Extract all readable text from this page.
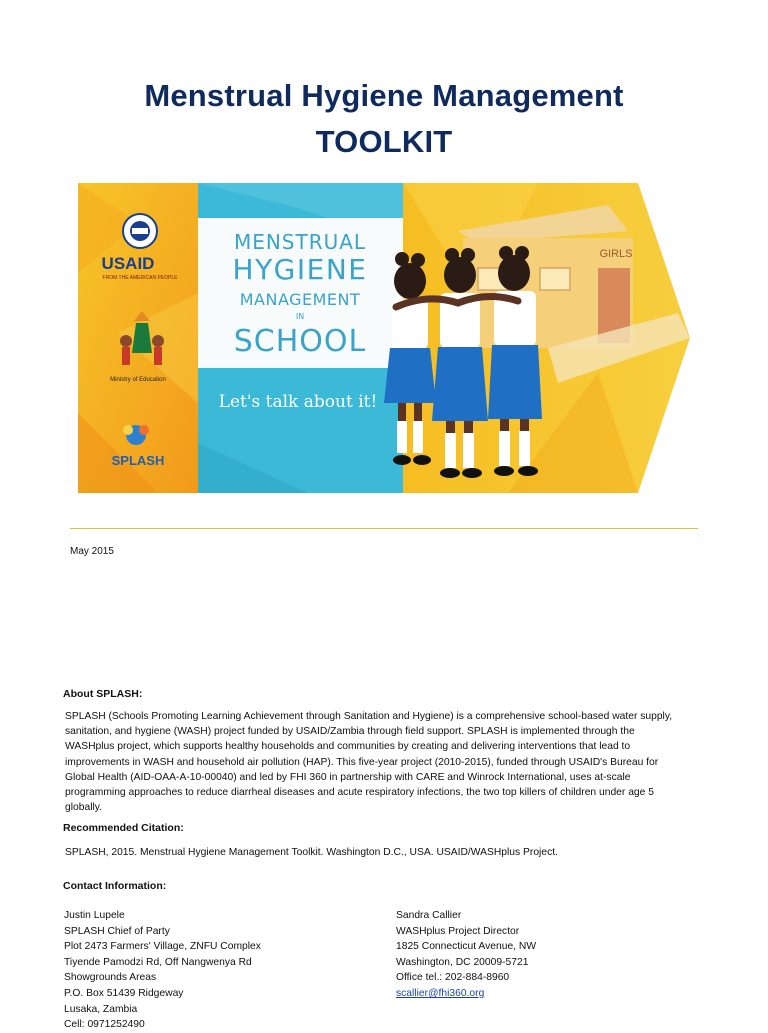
Menstrual Hygiene Management
TOOLKIT
GIRLS
USAID
FROM THE AMERICAN PEOPLE
Ministry of Education
SPLASH
MENSTRUAL
HYGIENE
MANAGEMENT
IN
SCHOOL
Let's talk about it!
May 2015
About SPLASH:
SPLASH (Schools Promoting Learning Achievement through Sanitation and Hygiene) is a comprehensive school-based water supply,
sanitation, and hygiene (WASH) project funded by USAID/Zambia through field support. SPLASH is implemented through the
WASHplus project, which supports healthy households and communities by creating and delivering interventions that lead to
improvements in WASH and household air pollution (HAP). This five-year project (2010-2015), funded through USAID's Bureau for
Global Health (AID-OAA-A-10-00040) and led by FHI 360 in partnership with CARE and Winrock International, uses at-scale
programming approaches to reduce diarrheal diseases and acute respiratory infections, the two top killers of children under age 5
globally.
Recommended Citation:
SPLASH, 2015. Menstrual Hygiene Management Toolkit. Washington D.C., USA. USAID/WASHplus Project.
Contact Information:
Justin Lupele
SPLASH Chief of Party
Plot 2473 Farmers' Village, ZNFU Complex
Tiyende Pamodzi Rd, Off Nangwenya Rd
Showgrounds Areas
P.O. Box 51439 Ridgeway
Lusaka, Zambia
Cell: 0971252490
Sandra Callier
WASHplus Project Director
1825 Connecticut Avenue, NW
Washington, DC 20009-5721
Office tel.: 202-884-8960
scallier@fhi360.org
